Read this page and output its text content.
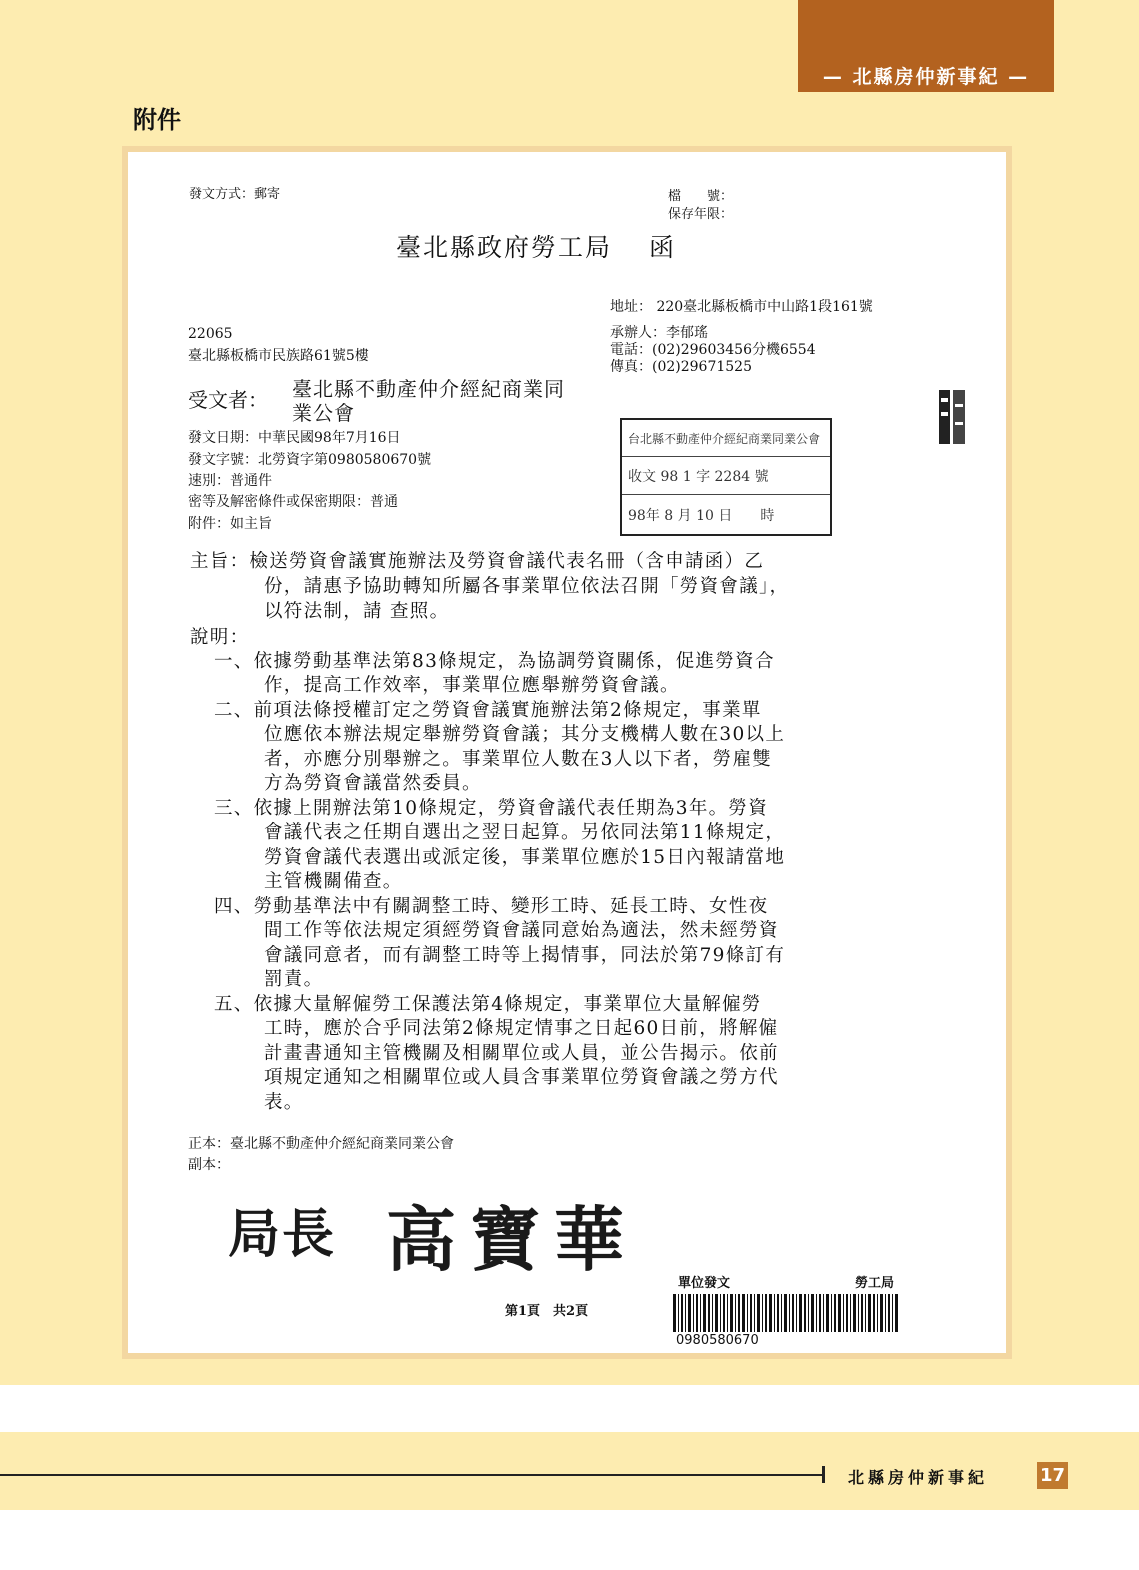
— 北縣房仲新事紀 —
附件
發文方式：郵寄	檔　　號：
保存年限：
臺北縣政府勞工局　 函
地址： 220臺北縣板橋市中山路1段161號
承辦人：李郁瑤
電話：(02)29603456分機6554
傳真：(02)29671525
22065
臺北縣板橋市民族路61號5樓
受文者： 臺北縣不動產仲介經紀商業同
業公會
發文日期：中華民國98年7月16日
發文字號：北勞資字第0980580670號
速別：普通件
密等及解密條件或保密期限：普通
附件：如主旨
台北縣不動產仲介經紀商業同業公會
收文 98 1 字 2284 號
98年 8 月 10 日　　時
主旨：檢送勞資會議實施辦法及勞資會議代表名冊（含申請函）乙
份，請惠予協助轉知所屬各事業單位依法召開「勞資會議」，
以符法制，請 查照。
說明：
一、依據勞動基準法第83條規定，為協調勞資關係，促進勞資合
作，提高工作效率，事業單位應舉辦勞資會議。
二、前項法條授權訂定之勞資會議實施辦法第2條規定，事業單
位應依本辦法規定舉辦勞資會議；其分支機構人數在30以上
者，亦應分別舉辦之。事業單位人數在3人以下者，勞雇雙
方為勞資會議當然委員。
三、依據上開辦法第10條規定，勞資會議代表任期為3年。勞資
會議代表之任期自選出之翌日起算。另依同法第11條規定，
勞資會議代表選出或派定後，事業單位應於15日內報請當地
主管機關備查。
四、勞動基準法中有關調整工時、變形工時、延長工時、女性夜
間工作等依法規定須經勞資會議同意始為適法，然未經勞資
會議同意者，而有調整工時等上揭情事，同法於第79條訂有
罰責。
五、依據大量解僱勞工保護法第4條規定，事業單位大量解僱勞
工時，應於合乎同法第2條規定情事之日起60日前，將解僱
計畫書通知主管機關及相關單位或人員，並公告揭示。依前
項規定通知之相關單位或人員含事業單位勞資會議之勞方代
表。
正本：臺北縣不動產仲介經紀商業同業公會
副本：
局長 高寶華
第1頁　共2頁
單位發文	勞工局
0980580670
北縣房仲新事紀	17
